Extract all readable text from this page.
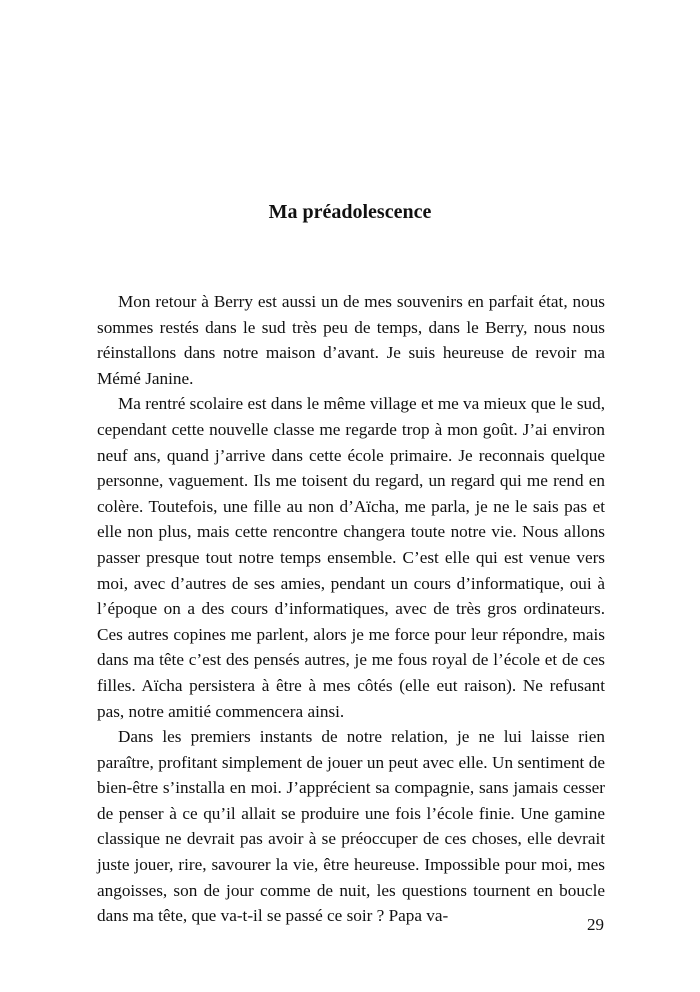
Ma préadolescence

Mon retour à Berry est aussi un de mes souvenirs en parfait état, nous sommes restés dans le sud très peu de temps, dans le Berry, nous nous réinstallons dans notre maison d’avant. Je suis heureuse de revoir ma Mémé Janine.

Ma rentré scolaire est dans le même village et me va mieux que le sud, cependant cette nouvelle classe me regarde trop à mon goût. J’ai environ neuf ans, quand j’arrive dans cette école primaire. Je reconnais quelque personne, vaguement. Ils me toisent du regard, un regard qui me rend en colère. Toutefois, une fille au non d’Aïcha, me parla, je ne le sais pas et elle non plus, mais cette rencontre changera toute notre vie. Nous allons passer presque tout notre temps ensemble. C’est elle qui est venue vers moi, avec d’autres de ses amies, pendant un cours d’informatique, oui à l’époque on a des cours d’informatiques, avec de très gros ordinateurs. Ces autres copines me parlent, alors je me force pour leur répondre, mais dans ma tête c’est des pensés autres, je me fous royal de l’école et de ces filles. Aïcha persistera à être à mes côtés (elle eut raison). Ne refusant pas, notre amitié commencera ainsi.

Dans les premiers instants de notre relation, je ne lui laisse rien paraître, profitant simplement de jouer un peut avec elle. Un sentiment de bien-être s’installa en moi. J’apprécient sa compagnie, sans jamais cesser de penser à ce qu’il allait se produire une fois l’école finie. Une gamine classique ne devrait pas avoir à se préoccuper de ces choses, elle devrait juste jouer, rire, savourer la vie, être heureuse. Impossible pour moi, mes angoisses, son de jour comme de nuit, les questions tournent en boucle dans ma tête, que va-t-il se passé ce soir ? Papa va-	29
